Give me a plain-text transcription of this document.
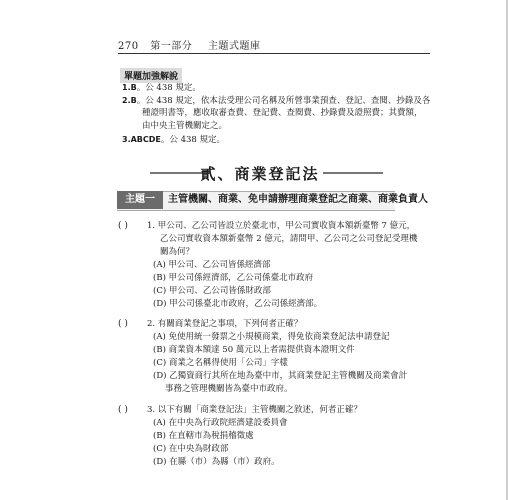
270 第一部分 主題式題庫
單題加強解說
1.B。公 438 規定。
2.B。公 438 規定，依本法受理公司名稱及所營事業預查、登記、查閱、抄錄及各
種證明書等，應收取審查費、登記費、查閱費、抄錄費及證照費；其費額，
由中央主管機關定之。
3.ABCDE。公 438 規定。
貳、商業登記法
主題一	主管機關、商業、免申請辦理商業登記之商業、商業負責人
( ) 1. 甲公司、乙公司皆設立於臺北市，甲公司實收資本額新臺幣 7 億元，
乙公司實收資本額新臺幣 2 億元，請問甲、乙公司之公司登記受理機
關為何？
(A) 甲公司、乙公司皆係經濟部
(B) 甲公司係經濟部，乙公司係臺北市政府
(C) 甲公司、乙公司皆係財政部
(D) 甲公司係臺北市政府，乙公司係經濟部。
( ) 2. 有關商業登記之事項，下列何者正確？
(A) 免使用統一發票之小規模商業，得免依商業登記法申請登記
(B) 商業資本額達 50 萬元以上者需提供資本證明文件
(C) 商業之名稱得使用「公司」字樣
(D) 乙獨資商行其所在地為臺中市，其商業登記主管機關及商業會計
事務之管理機關皆為臺中市政府。
( ) 3. 以下有關「商業登記法」主管機關之敘述，何者正確？
(A) 在中央為行政院經濟建設委員會
(B) 在直轄市為稅捐稽徵處
(C) 在中央為財政部
(D) 在縣（市）為縣（市）政府。
